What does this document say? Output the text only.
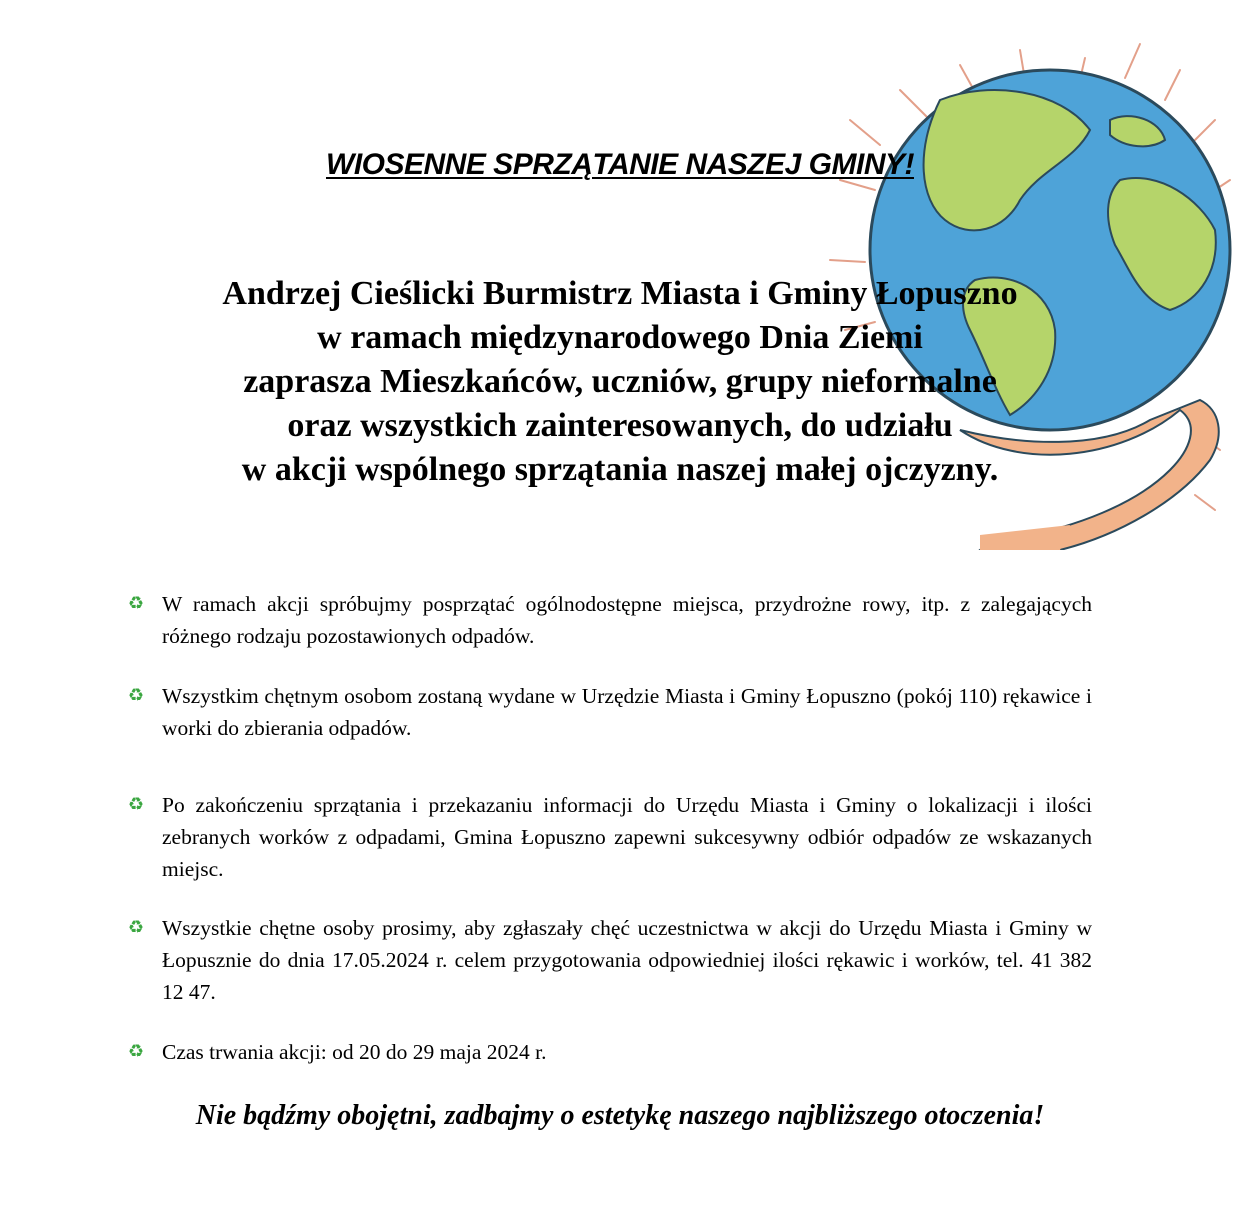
WIOSENNE SPRZĄTANIE NASZEJ GMINY!
Andrzej Cieślicki Burmistrz Miasta i Gminy Łopuszno
w ramach międzynarodowego Dnia Ziemi
zaprasza Mieszkańców, uczniów, grupy nieformalne
oraz wszystkich zainteresowanych, do udziału
w akcji wspólnego sprzątania naszej małej ojczyzny.
♻ W ramach akcji spróbujmy posprzątać ogólnodostępne miejsca, przydrożne rowy, itp. z zalegających różnego rodzaju pozostawionych odpadów.
♻ Wszystkim chętnym osobom zostaną wydane w Urzędzie Miasta i Gminy Łopuszno (pokój 110) rękawice i worki do zbierania odpadów.
♻ Po zakończeniu sprzątania i przekazaniu informacji do Urzędu Miasta i Gminy o lokalizacji i ilości zebranych worków z odpadami, Gmina Łopuszno zapewni sukcesywny odbiór odpadów ze wskazanych miejsc.
♻ Wszystkie chętne osoby prosimy, aby zgłaszały chęć uczestnictwa w akcji do Urzędu Miasta i Gminy w Łopusznie do dnia 17.05.2024 r. celem przygotowania odpowiedniej ilości rękawic i worków, tel. 41 382 12 47.
♻ Czas trwania akcji: od 20 do 29 maja 2024 r.
Nie bądźmy obojętni, zadbajmy o estetykę naszego najbliższego otoczenia!
